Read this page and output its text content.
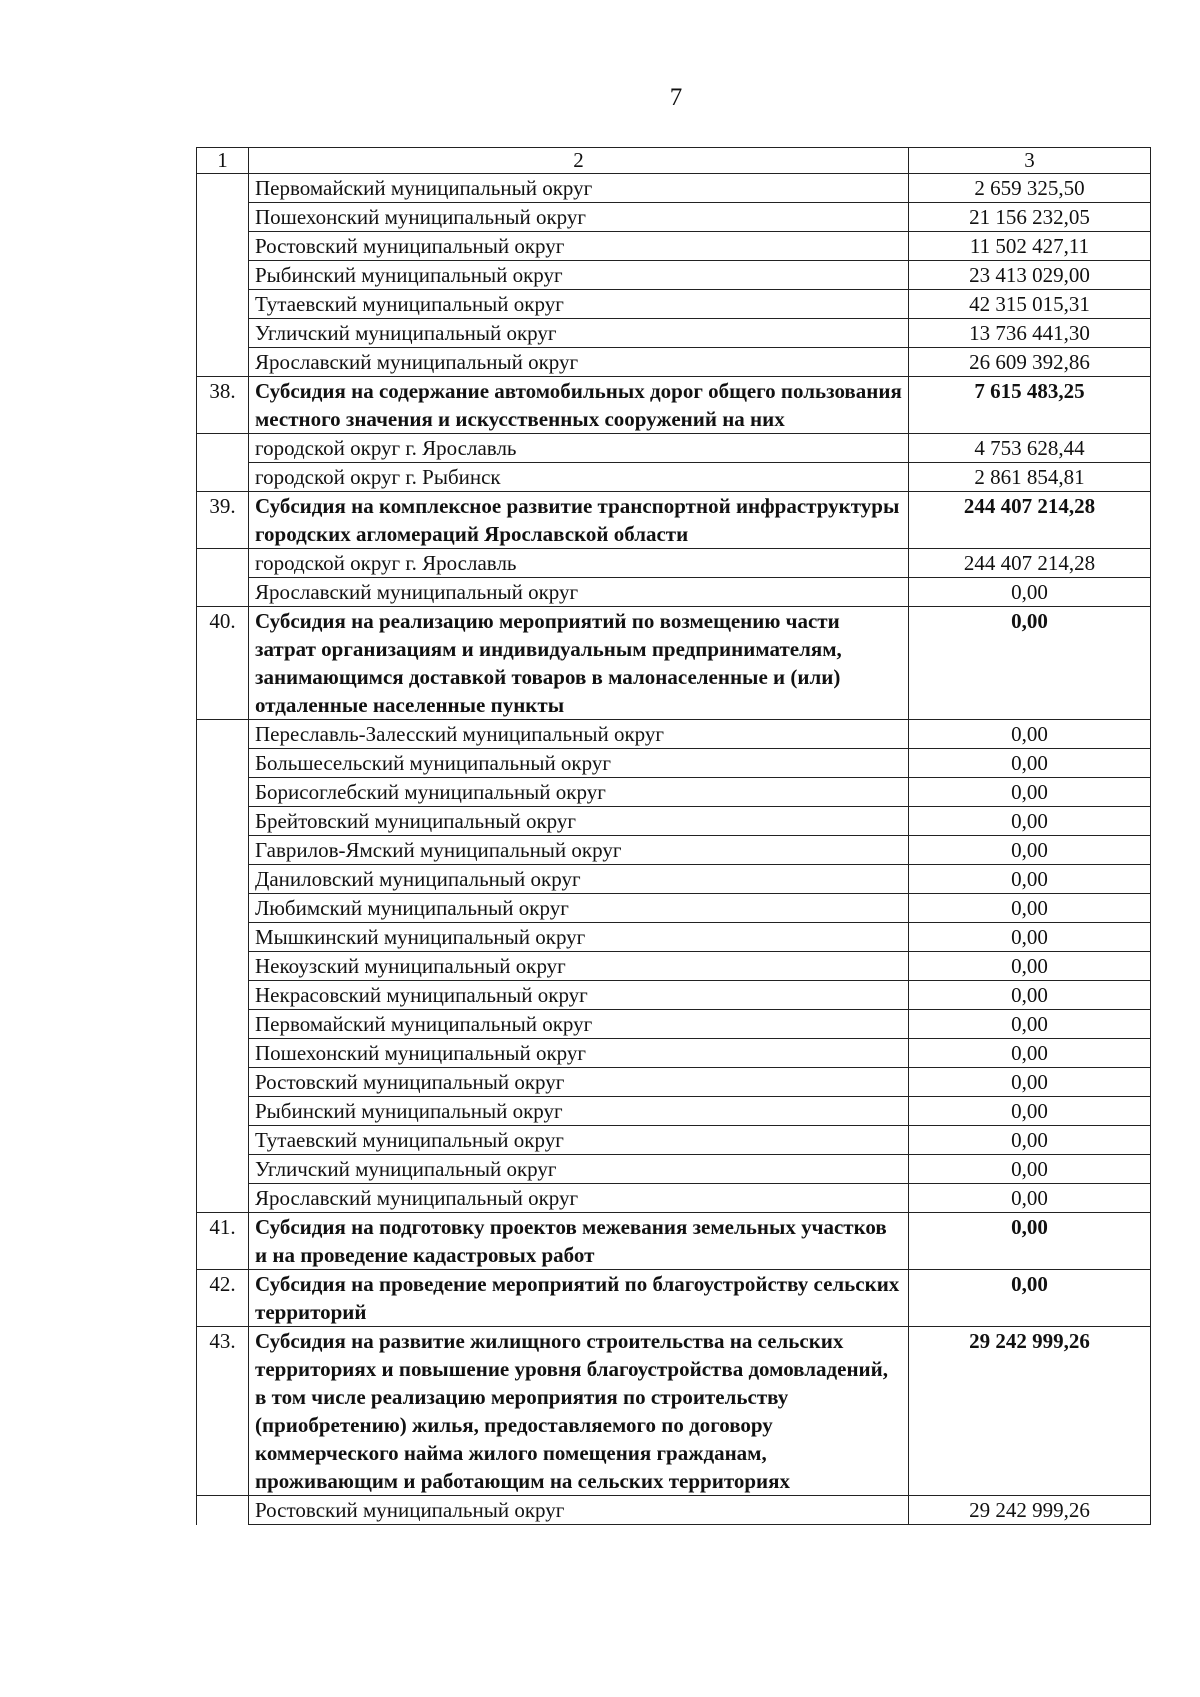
7
1	2	3
	Первомайский муниципальный округ	2 659 325,50
	Пошехонский муниципальный округ	21 156 232,05
	Ростовский муниципальный округ	11 502 427,11
	Рыбинский муниципальный округ	23 413 029,00
	Тутаевский муниципальный округ	42 315 015,31
	Угличский муниципальный округ	13 736 441,30
	Ярославский муниципальный округ	26 609 392,86
38.	Субсидия на содержание автомобильных дорог общего пользования местного значения и искусственных сооружений на них	7 615 483,25
	городской округ г. Ярославль	4 753 628,44
	городской округ г. Рыбинск	2 861 854,81
39.	Субсидия на комплексное развитие транспортной инфраструктуры городских агломераций Ярославской области	244 407 214,28
	городской округ г. Ярославль	244 407 214,28
	Ярославский муниципальный округ	0,00
40.	Субсидия на реализацию мероприятий по возмещению части затрат организациям и индивидуальным предпринимателям, занимающимся доставкой товаров в малонаселенные и (или) отдаленные населенные пункты	0,00
	Переславль-Залесский муниципальный округ	0,00
	Большесельский муниципальный округ	0,00
	Борисоглебский муниципальный округ	0,00
	Брейтовский муниципальный округ	0,00
	Гаврилов-Ямский муниципальный округ	0,00
	Даниловский муниципальный округ	0,00
	Любимский муниципальный округ	0,00
	Мышкинский муниципальный округ	0,00
	Некоузский муниципальный округ	0,00
	Некрасовский муниципальный округ	0,00
	Первомайский муниципальный округ	0,00
	Пошехонский муниципальный округ	0,00
	Ростовский муниципальный округ	0,00
	Рыбинский муниципальный округ	0,00
	Тутаевский муниципальный округ	0,00
	Угличский муниципальный округ	0,00
	Ярославский муниципальный округ	0,00
41.	Субсидия на подготовку проектов межевания земельных участков и на проведение кадастровых работ	0,00
42.	Субсидия на проведение мероприятий по благоустройству сельских территорий	0,00
43.	Субсидия на развитие жилищного строительства на сельских территориях и повышение уровня благоустройства домовладений, в том числе реализацию мероприятия по строительству (приобретению) жилья, предоставляемого по договору коммерческого найма жилого помещения гражданам, проживающим и работающим на сельских территориях	29 242 999,26
	Ростовский муниципальный округ	29 242 999,26
